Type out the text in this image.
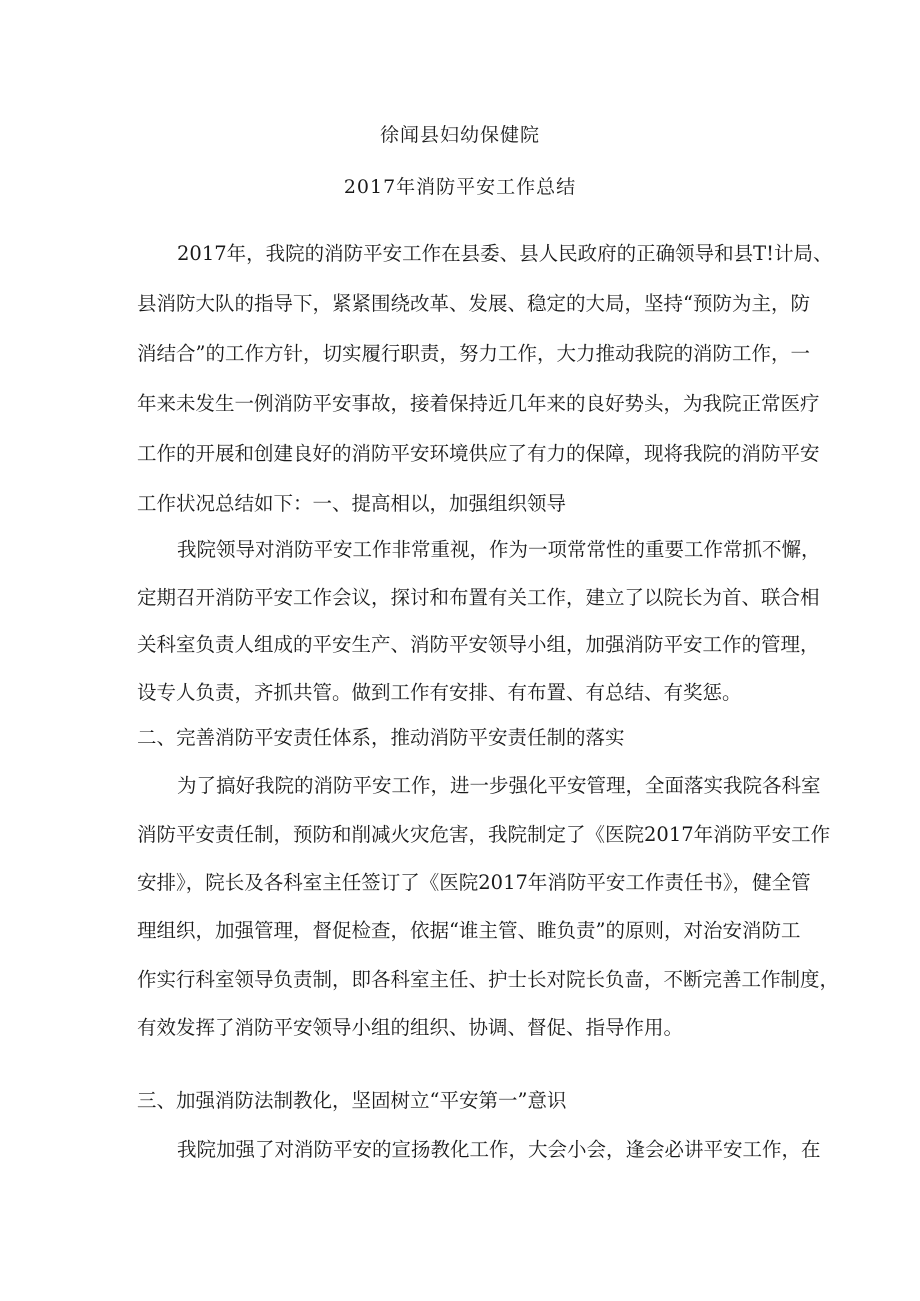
徐闻县妇幼保健院
2017年消防平安工作总结
2017年，我院的消防平安工作在县委、县人民政府的正确领导和县T!计局、
县消防大队的指导下，紧紧围绕改革、发展、稳定的大局，坚持“预防为主，防
消结合”的工作方针，切实履行职责，努力工作，大力推动我院的消防工作，一
年来未发生一例消防平安事故，接着保持近几年来的良好势头，为我院正常医疗
工作的开展和创建良好的消防平安环境供应了有力的保障，现将我院的消防平安
工作状况总结如下：一、提高相以，加强组织领导
我院领导对消防平安工作非常重视，作为一项常常性的重要工作常抓不懈，
定期召开消防平安工作会议，探讨和布置有关工作，建立了以院长为首、联合相
关科室负责人组成的平安生产、消防平安领导小组，加强消防平安工作的管理，
设专人负责，齐抓共管。做到工作有安排、有布置、有总结、有奖惩。
二、完善消防平安责任体系，推动消防平安责任制的落实
为了搞好我院的消防平安工作，进一步强化平安管理，全面落实我院各科室
消防平安责任制，预防和削减火灾危害，我院制定了《医院2017年消防平安工作
安排》，院长及各科室主任签订了《医院2017年消防平安工作责任书》，健全管
理组织，加强管理，督促检查，依据“谁主管、睢负责”的原则，对治安消防工
作实行科室领导负责制，即各科室主任、护士长对院长负啬，不断完善工作制度，
有效发挥了消防平安领导小组的组织、协调、督促、指导作用。
三、加强消防法制教化，坚固树立“平安第一”意识
我院加强了对消防平安的宣扬教化工作，大会小会，逢会必讲平安工作，在
